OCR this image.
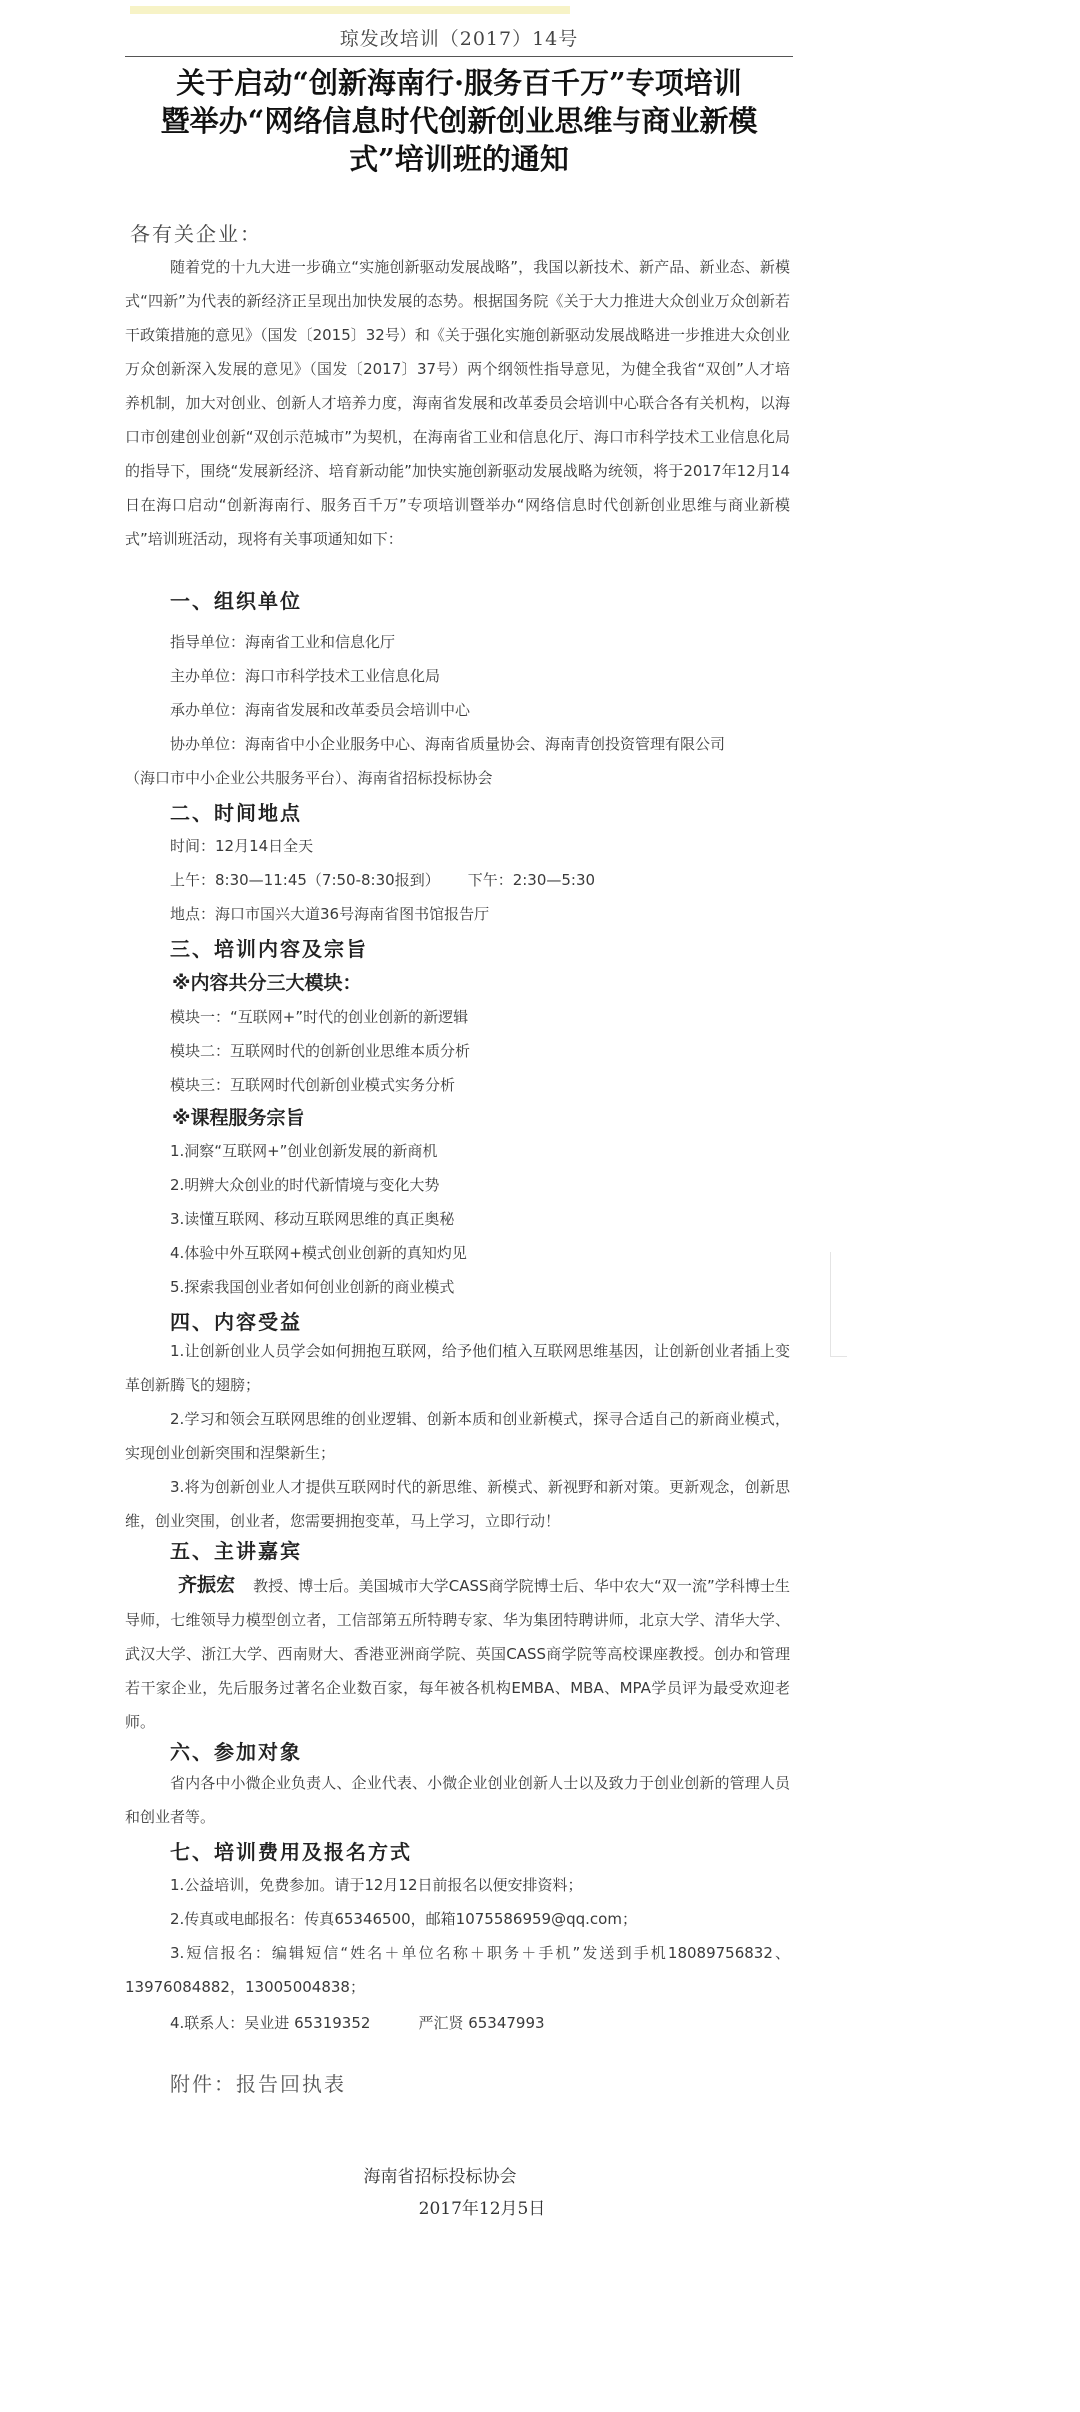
琼发改培训（2017）14号
关于启动“创新海南行·服务百千万”专项培训
暨举办“网络信息时代创新创业思维与商业新模
式”培训班的通知
各有关企业：

随着党的十九大进一步确立“实施创新驱动发展战略”，我国以新技术、新产品、新业态、新模式“四新”为代表的新经济正呈现出加快发展的态势。根据国务院《关于大力推进大众创业万众创新若干政策措施的意见》（国发〔2015〕32号）和《关于强化实施创新驱动发展战略进一步推进大众创业万众创新深入发展的意见》（国发〔2017〕37号）两个纲领性指导意见，为健全我省“双创”人才培养机制，加大对创业、创新人才培养力度，海南省发展和改革委员会培训中心联合各有关机构，以海口市创建创业创新“双创示范城市”为契机，在海南省工业和信息化厅、海口市科学技术工业信息化局的指导下，围绕“发展新经济、培育新动能”加快实施创新驱动发展战略为统领，将于2017年12月14日在海口启动“创新海南行、服务百千万”专项培训暨举办“网络信息时代创新创业思维与商业新模式”培训班活动，现将有关事项通知如下：

一、组织单位
指导单位：海南省工业和信息化厅
主办单位：海口市科学技术工业信息化局
承办单位：海南省发展和改革委员会培训中心
协办单位：海南省中小企业服务中心、海南省质量协会、海南青创投资管理有限公司
（海口市中小企业公共服务平台）、海南省招标投标协会
二、时间地点
时间：12月14日全天
上午：8:30—11:45（7:50-8:30报到） 下午：2:30—5:30
地点：海口市国兴大道36号海南省图书馆报告厅
三、培训内容及宗旨
※内容共分三大模块：
模块一：“互联网+”时代的创业创新的新逻辑
模块二：互联网时代的创新创业思维本质分析
模块三：互联网时代创新创业模式实务分析
※课程服务宗旨
1.洞察“互联网+”创业创新发展的新商机
2.明辨大众创业的时代新情境与变化大势
3.读懂互联网、移动互联网思维的真正奥秘
4.体验中外互联网+模式创业创新的真知灼见
5.探索我国创业者如何创业创新的商业模式
四、内容受益

1.让创新创业人员学会如何拥抱互联网，给予他们植入互联网思维基因，让创新创业者插上变革创新腾飞的翅膀；

2.学习和领会互联网思维的创业逻辑、创新本质和创业新模式，探寻合适自己的新商业模式，实现创业创新突围和涅槃新生；

3.将为创新创业人才提供互联网时代的新思维、新模式、新视野和新对策。更新观念，创新思维，创业突围，创业者，您需要拥抱变革，马上学习，立即行动！

五、主讲嘉宾

齐振宏 教授、博士后。美国城市大学CASS商学院博士后、华中农大“双一流”学科博士生导师，七维领导力模型创立者，工信部第五所特聘专家、华为集团特聘讲师，北京大学、清华大学、武汉大学、浙江大学、西南财大、香港亚洲商学院、英国CASS商学院等高校课座教授。创办和管理若干家企业，先后服务过著名企业数百家，每年被各机构EMBA、MBA、MPA学员评为最受欢迎老师。

六、参加对象

省内各中小微企业负责人、企业代表、小微企业创业创新人士以及致力于创业创新的管理人员和创业者等。

七、培训费用及报名方式

1.公益培训，免费参加。请于12月12日前报名以便安排资料；

2.传真或电邮报名：传真65346500，邮箱1075586959@qq.com；

3.短信报名：编辑短信“姓名＋单位名称＋职务＋手机”发送到手机18089756832、13976084882，13005004838；

4.联系人：吴业进 65319352	严汇贤 65347993
附件：报告回执表
海南省招标投标协会
2017年12月5日
